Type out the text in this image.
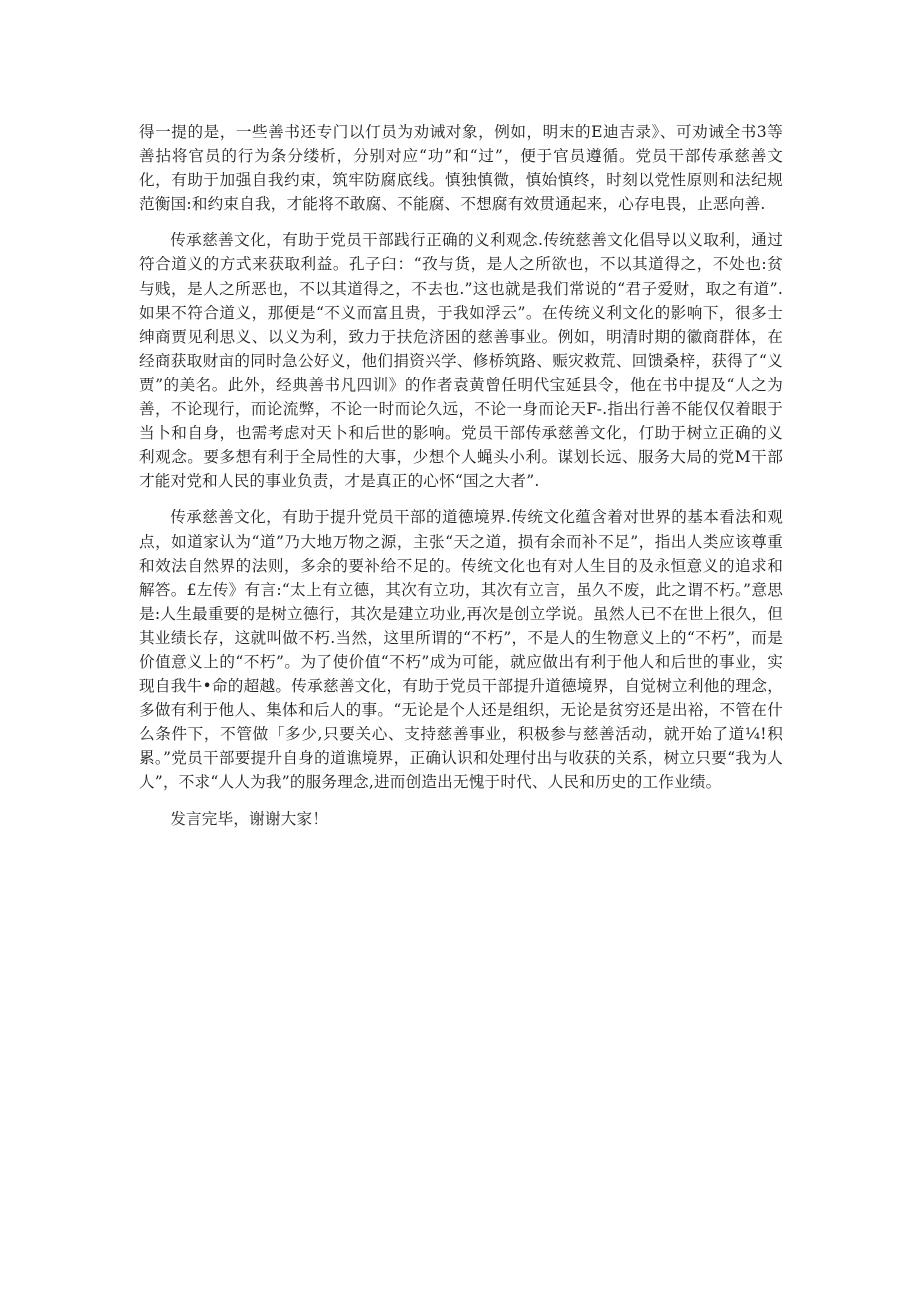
得一提的是，一些善书还专门以仃员为劝诫对象，例如，明末的E迪吉录》、可劝诫全书3等善拈将官员的行为条分缕析，分别对应“功”和“过”，便于官员遵循。党员干部传承慈善文化，有助于加强自我约束，筑牢防腐底线。慎独慎微，慎始慎终，时刻以党性原则和法纪规范衡国:和约束自我，才能将不敢腐、不能腐、不想腐有效贯通起来，心存电畏，止恶向善.

传承慈善文化，有助于党员干部践行正确的义利观念.传统慈善文化倡导以义取利，通过符合道义的方式来获取利益。孔子臼：“孜与货，是人之所欲也，不以其道得之，不处也:贫与贱，是人之所恶也，不以其道得之，不去也.”这也就是我们常说的“君子爱财，取之有道”.如果不符合道义，那便是“不义而富且贵，于我如浮云”。在传统义利文化的影响下，很多士绅商贾见利思义、以义为利，致力于扶危济困的慈善事业。例如，明清时期的徽商群体，在经商获取财亩的同时急公好义，他们捐资兴学、修桥筑路、赈灾救荒、回馈桑梓，获得了“义贾”的美名。此外，经典善书凡四训》的作者袁黄曾任明代宝延县令，他在书中提及“人之为善，不论现行，而论流弊，不论一时而论久远，不论一身而论天F-.指出行善不能仅仅着眼于当卜和自身，也需考虑对天卜和后世的影响。党员干部传承慈善文化，仃助于树立正确的义利观念。要多想有利于全局性的大事，少想个人蝇头小利。谋划长远、服务大局的党M干部才能对党和人民的事业负责，才是真正的心怀“国之大者”.

传承慈善文化，有助于提升党员干部的道德境界.传统文化蕴含着对世界的基本看法和观点，如道家认为“道”乃大地万物之源，主张“天之道，损有余而补不足”，指出人类应该尊重和效法自然界的法则，多余的要补给不足的。传统文化也有对人生目的及永恒意义的追求和解答。£左传》有言:“太上有立德，其次有立功，其次有立言，虽久不废，此之谓不朽。”意思是:人生最重要的是树立德行，其次是建立功业,再次是创立学说。虽然人已不在世上很久，但其业绩长存，这就叫做不朽.当然，这里所谓的“不朽”，不是人的生物意义上的“不朽”，而是价值意义上的“不朽”。为了使价值“不朽”成为可能，就应做出有利于他人和后世的事业，实现自我牛•命的超越。传承慈善文化，有助于党员干部提升道德境界，自觉树立利他的理念，多做有利于他人、集体和后人的事。“无论是个人还是组织，无论是贫穷还是出裕，不管在什么条件下，不管做「多少,只要关心、支持慈善事业，积极参与慈善活动，就开始了道¼!积累。”党员干部要提升自身的道谯境界，正确认识和处理付出与收获的关系，树立只要“我为人人”，不求“人人为我”的服务理念,进而创造出无愧于时代、人民和历史的工作业绩。

发言完毕，谢谢大家！
